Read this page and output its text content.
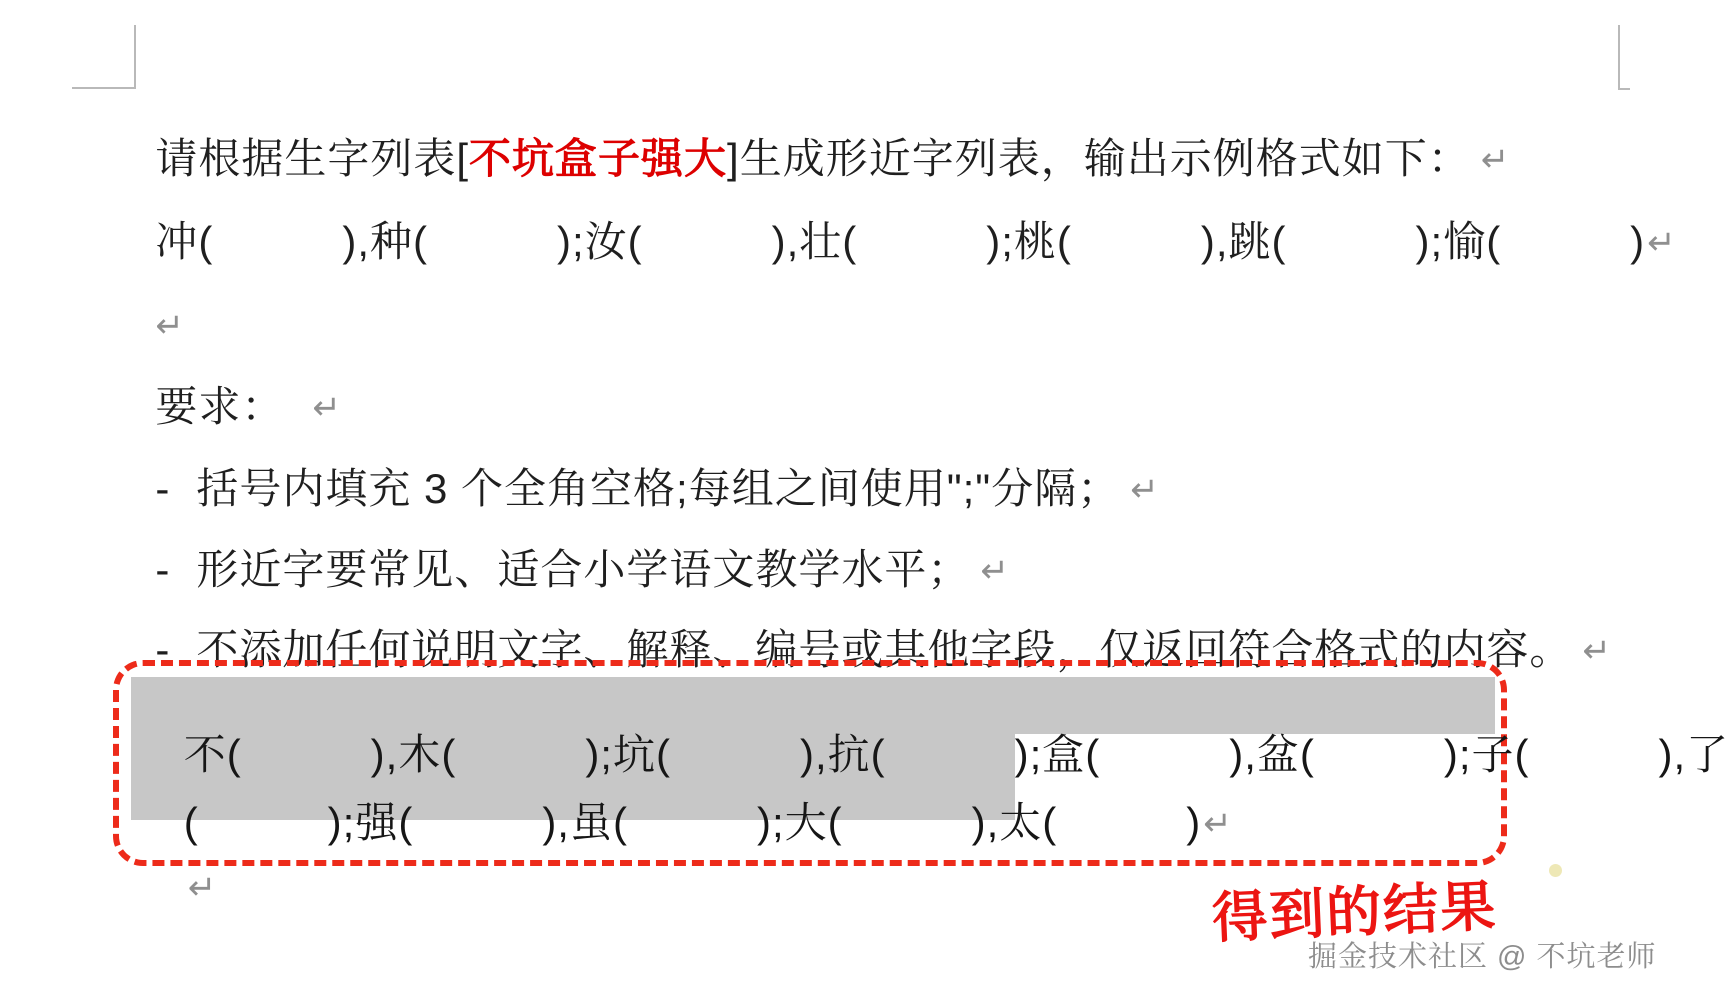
请根据生字列表[不坑盒子强大]生成形近字列表，输出示例格式如下： ↵

冲(　　　),种(　　　);汝(　　　),壮(　　　);桃(　　　),跳(　　　);愉(　　　)↵

↵

要求： ↵

- 括号内填充 3 个全角空格;每组之间使用";"分隔； ↵

- 形近字要常见、适合小学语文教学水平； ↵

- 不添加任何说明文字、解释、编号或其他字段，仅返回符合格式的内容。 ↵

不(　　　),木(　　　);坑(　　　),抗(　　　);盒(　　　),盆(　　　);子(　　　),了

(　　　);强(　　　),虽(　　　);大(　　　),太(　　　)↵

↵
	得到的结果
掘金技术社区 @ 不坑老师
